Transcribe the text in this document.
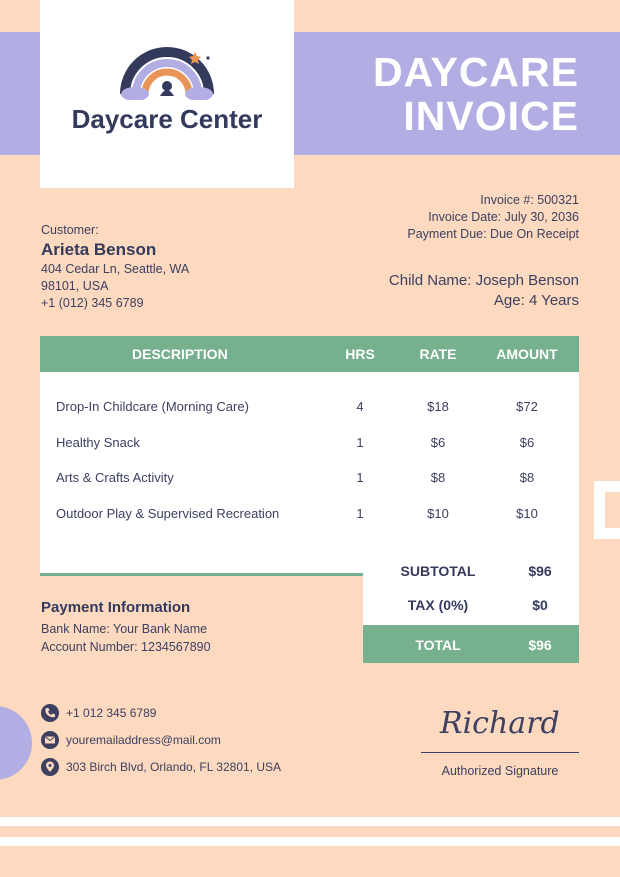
Daycare Center
DAYCARE
INVOICE
Invoice #: 500321
Invoice Date: July 30, 2036
Payment Due: Due On Receipt
Child Name: Joseph Benson
Age: 4 Years
Customer:
Arieta Benson
404 Cedar Ln, Seattle, WA
98101, USA
+1 (012) 345 6789
DESCRIPTION	HRS	RATE	AMOUNT
Drop-In Childcare (Morning Care)	4	$18	$72
Healthy Snack	1	$6	$6
Arts & Crafts Activity	1	$8	$8
Outdoor Play & Supervised Recreation	1	$10	$10
SUBTOTAL	$96
TAX (0%)	$0
TOTAL	$96
Payment Information
Bank Name: Your Bank Name
Account Number: 1234567890
+1 012 345 6789
youremailaddress@mail.com
303 Birch Blvd, Orlando, FL 32801, USA
Richard
Authorized Signature
